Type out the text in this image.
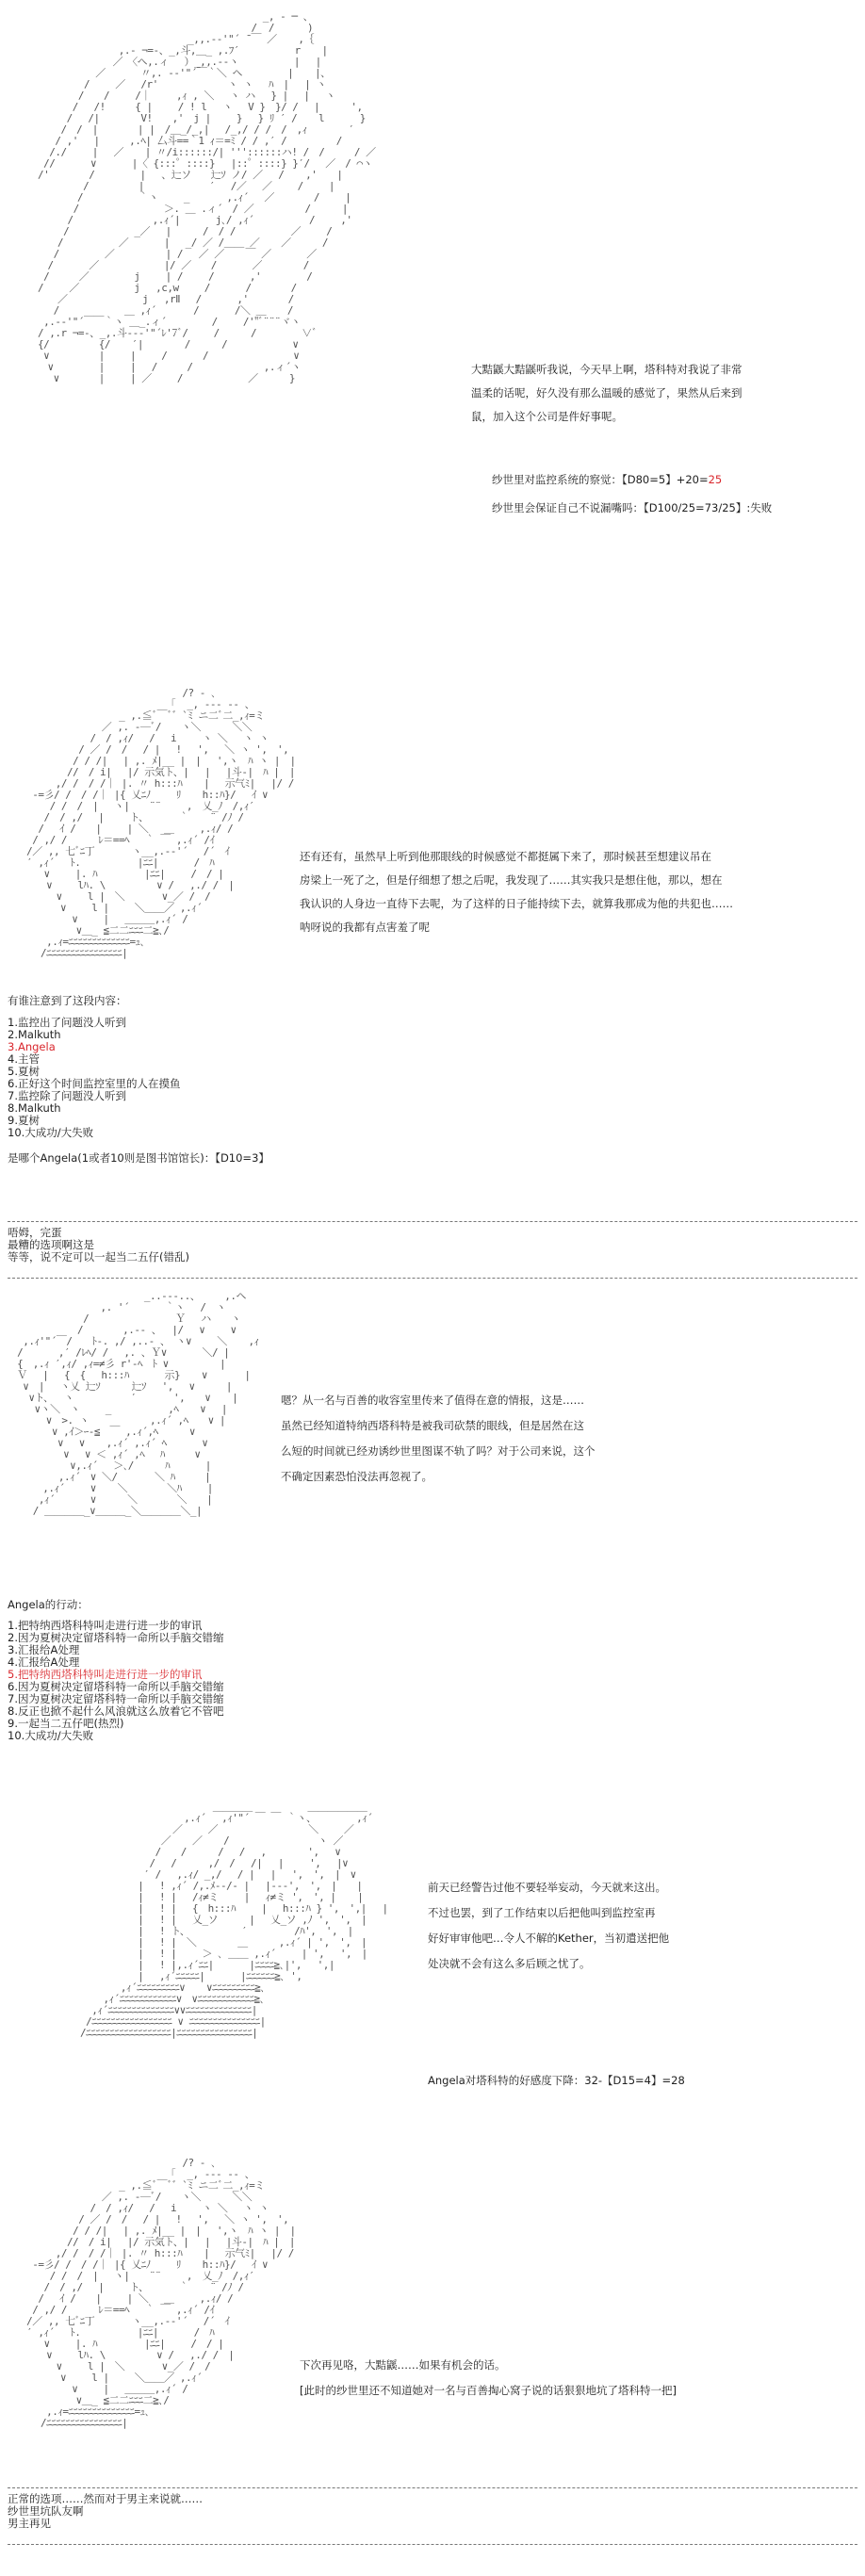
_, ‐ ─ 、
/  / 　   )
_,,.-‐'"´ ̄ ￣ ／ 　 ,｛
,.- ¬=-、_,斗,＿_ ,.ﾌ′　　　　　 r 　 |
／　〈ヘ,.ィ　 ）_,,.--ヽ　　　　　 |　 |
／　　　 〃,. -‐'"´￣｀＼ ヘ　　 　　| 　 |、
/　　 ／　 /r'　　　　　　　ヽ ヽ　 ﾊ　|　 | ヽ
/　　/　　 /｜　　 ,ｨ , ＼　 ヽ ハ　 } |　 | 　ヽ
/　 /!　　　{ |　　 / ! l　 ヽ　 V }　}/ /　 |　 　 ',
/　 /|　　 　 V!　　,'　j |　　 }　 } ﾘ ′ / 　 l　　　 }
/　/　|　　　　| |　/＿_/_,|　 /_,/ / /　/　,ｨ　　 　 ′
/ ,'　 |　　　,.ﾍ| 厶斗==｀1 ｨ＝=ﾐ / / ,′ /　　　　　/
/./　　 |　 ／ 　 | 〃/i::::::/| '''::::::ハ! /　/　　　/ ／
//　　　 ∨　　　 |〈 {:::゜::::}　 |::゜::::} }′/　 ／　/ ⌒ヽ
/'　　　　/　　　　 | 　、辷ソ　　辷ｿ ノ/ ／ 　/ 　 ,'　　|
　　　　 /　　　　　|　　　　　　 ′ 　/／　 ／　　 /　　 |
　　　　/　　　　　 ｀ヽ　　 _ 　 　 ,.ｨ´　 ／　　　　/　　 |
　　　 /　　　　　　　　 ＞. ＿ .ィ´　/ ／ 　　　 　/ 　　 |
　　　/　　　　　　　　,.ｨ´|　　　 j､/ ,ｨ´　　　　 　/　　 ,'
　　 /　　　　　　 _／　 |　 　 /　/ /　　　　　 ／ 　　/
　　/　　　　　 ／ 　　　|　 _/ ／ /＿＿ ／ 　 ／ 　　 /
　 /　　　　 ／ 　　　　 | /　 ／ ／ 　 ￣ ／ 　　　／
　/　　　 ／　　　　　　 |/ ／　　/ 　　　／ 　　　 /
/　　　／　　　　 j　　 | /　　 /　　　 ,'　　　　 /
/　　 ／　　　　　 j　 ,c,w　　 /　　　 /　　　　/
　　／　　　　　　　 j　 ,rⅡ　 /　　　 ,'　　　　/
　 /　　　　　　 ＿ ,ｨ´ 　 　 /　　　 /＼ ＿ 　 /
,.-‐'"´￣￣｀ヽ ＿_.ィ´　　　　 /　　 /'"ﾞ¨¨¨ヾヽ
/ ,.r ¬=-、_,.斗--‐'"´ﾚ'7ﾞ/ 　　/ 　　 /　　　　 ∨ﾞ
{/　　　　　{/ 　 ′|　　 　 / 　　 /　　 　　　　∨
∨　　　　　|　　 |　　 /　　　 /　　　　　　　　 ∨
　∨ 　　　　|　　 |　 /　　　/ 　　　　　　 ,.ィ´ヽ
　 ∨　　　　|　　 | ／　　 /　　　　　　 ／ 　　 }
大黠鼷大黠鼷听我说，今天早上啊，塔科特对我说了非常
温柔的话呢，好久没有那么温暖的感觉了，果然从后来到
鼠，加入这个公司是件好事呢。
纱世里对监控系统的察觉：【D80=5】+20=25
纱世里会保证自己不说漏嘴吗：【D100/25=73/25】:失败
/? - ､
｢  _, -‐‐ ‐- 、
_ ,.≦ﾞ￣ﾞ゛`ﾐ ニ二ﾞ二_,ｨ=ミ
／ ,. -─ﾞ/　　ヽ＼　 　 ＼＼
/　/ ,ｨ/　 /　 i　　 ヽ ＼　 ヽ ヽ
/ ／ /　/ 　/ |　 !　 ',　 ＼ ヽ ',　',
/ / /|　 | ,. ﾒ|__ |　|　 ',ヽ　ﾊ ヽ |　|
//　/ i|　 |/ 示気ト、| 　|　 |斗-|　ﾊ |　|
,/ /　/ /｜ |. 〃 h:::ﾊ 　 |　 示气ﾐ|　 |/ /
-=彡/ /　/ /｜ |{ 乂ﾆﾉ　 　ﾘ 　 h::ﾊ}/　 ｲ ∨
/ /　/　|　 ヽ|　　¨¨　　 ,　乂_ﾉ　/,ｨ′
/　/ ,/　 |　　 ト、　　　 ｀ 　 ¨ /ﾉ /
/　 ｲ /　　|　　 | ＼　 ＿　　 ,.ｨ/ /
/ ,/ /　 　 ﾚ＝==ﾍ　 ｀ ￣ ,.ｨ´ /ｲ
/／ ,, 七ﾞﾆ丁 　 　 ヽ__,.-‐'´　 /´　ｲ
′ ,ｨ´　 ﾄ. 　 　 　　|ﾆﾆ|　　　 /　ﾊ
∨　　 |. ﾊ　 　 　 |ﾆﾆ|　　 /　/ |
　　 ∨　　 lﾊ. \　　　 　 ∨ /　 ,./ /　|
　　　 ∨　　 l |　＼ 　 　 ∨_／ /　/
　　　　∨　　 l |　　 ＼＿＿／ ,.ｨ´
　　　　 ∨　　 |　 ＿＿＿,.ｨ´ /
　　　　　 ∨＿_ ≦二二ﾆﾆﾆ二≧､/
　　 ,.ｨ=ﾆﾆﾆﾆﾆﾆﾆﾆﾆﾆﾆﾆﾆ=ｭ､
　　/ﾆﾆﾆﾆﾆﾆﾆﾆﾆﾆﾆﾆﾆﾆﾆﾆ|
还有还有，虽然早上听到他那眼线的时候感觉不都挺属下来了，那时候甚至想建议吊在
房梁上一死了之，但是仔细想了想之后呢，我发现了……其实我只是想住他，那以，想在
我认识的人身边一直待下去呢，为了这样的日子能持续下去，就算我那成为他的共犯也……
呐呀说的我都有点害羞了呢
有谁注意到了这段内容：
1.监控出了问题没人听到
2.Malkuth
3.Angela
4.主管
5.夏树
6.正好这个时间监控室里的人在摸鱼
7.监控除了问题没人听到
8.Malkuth
9.夏树
10.大成功/大失败
是哪个Angela(1或者10则是图书馆馆长)：【D10=3】
唔姆，完蛋
最糟的选项啊这是
等等，说不定可以一起当二五仔(错乱)
_..-‐‐..、　　　,.ヘ
　　 ,. '´　　　 ｀ヽ　 /　ヽ
　　 /　　　　 　 　 　Ｙ　 ハ　　ヽ
　　 /　　　　,.-‐ 、　 |/　 ∨　　 ∨
,.ｨ'"´￣/　　ﾄ-. ,/ ,..- 、 ヽ∨　　 ＼ 　 ,ｨ
/　　　 ,′ /ﾚﾍ/ /　 ,. 、Ｙ∨　　　 ＼/ |
{　,.ｨ ′,ｨ/ ,ｨ=≠彡 r'-ﾍ　ﾄ ∨　　 　　 |
Ｖ　 |　 {　{　 h:::ﾊ　　　 示} 　 ∨ 　 　 |
∨　|　 ヽ乂 辷ｿ　 　 辷ｿ　 ',　 ∨ 　　 |
∨ト、　 ヽ　　 　 　 ′ 　 　 ',　　∨ 　 |
∨ヽ＼　ヽ　　 _ 　 　　　 ,ﾍ 　 ∨　 |
∨　>. ヽ　　　　 　 ,.ｨ´ ,ﾍ　　∨ |
∨ ,ｲ＞ｰ-≦　￣ ,.ｨ´,ﾍ 　　 ∨
∨　 ∨ 　 ,.ｨ´ ,.ｨ´ ﾍ　　　 ∨
∨　 ∨ ＜ ,ｨ´ ,ﾍ　 ﾊ　　　∨
　　　 ∨,.ｨ´　 ＞､/ 　　 ﾊ　　　 |
　　　 ,.ｨ´　∨ ＼/ 　 　 ＼ ﾊ　　　|
　　,.ｨ´ 　　∨ 　 ＼　　　　＼ﾊ　　 |
　 ,ｨ´ 　　　∨ 　　 ＼　　　　＼　　|
　/ ＿＿＿＿_∨＿＿＿_＼＿＿＿＿＼_|
嗯？从一名与百善的收容室里传来了值得在意的情报，这是……
虽然已经知道特纳西塔科特是被我司砍禁的眼线，但是居然在这
么短的时间就已经劝诱纱世里图谋不轨了吗？对于公司来说，这个
不确定因素恐怕没法再忽视了。
Angela的行动：
1.把特纳西塔科特叫走进行进一步的审讯
2.因为夏树决定留塔科特一命所以手脑交错缩
3.汇报给A处理
4.汇报给A处理
5.把特纳西塔科特叫走进行进一步的审讯
6.因为夏树决定留塔科特一命所以手脑交错缩
7.因为夏树决定留塔科特一命所以手脑交错缩
8.反正也掀不起什么风浪就这么放着它不管吧
9.一起当二五仔吧(热烈)
10.大成功/大失败
＿＿＿＿　　　　　 ＿＿＿＿＿＿
,.ｨ´　 ,ｨ'"´ ￣ ￣ ｀ヽ、　　　　 ,ｨ´
／　　 ／　　　　　　　 　 ＼　　 ／
／ 　 ／ 　 /　　 　 　 　 　 ヽ ／
/　　/ 　　 /　 /　 ,　　 　 ',　 ∨
/　 /　 　 ,/　/ 　/|　 |　　 ',　 |∨
′ /　 ,.ｨ/ _,/ 　/ |　 |　 ',　',　|　∨
|　 ! ,ｨ´ /,.ﾒ-‐/- |　 |-‐-',　',　|　　|
|　 ! |　 /ｨ≠ミ　 　|　 ｨ≠ミ ',　', | 　 |
|　 ! |　 {　h:::ﾊ　　 |　 h:::ﾊ } ',　',|　 |
|　 ! |　 乂_ソ　 　 |　 乂_ソ ,ﾉ ',　',　|
|　 ! ト、　　 　 　 ′　 　 　 /ﾊ',　',　|
|　 ! |　＼　　 　 ＿ 　　 ,.ｨ´ | ',　',　|
|　 ! |　　 ＞ ､ ＿＿ ,.ｨ´　 　| ',　 ',　|
|　 ! |,.ｨ´ﾆﾆ|　　　 |ﾆﾆﾆﾆ≧､|',　 ',|
|　 ,ｨ´ﾆﾆﾆﾆﾆ|　　　 |ﾆﾆﾆﾆﾆﾆ≧､ ',
,ｨ´ﾆﾆﾆﾆﾆﾆﾆﾆﾆ∨ 　 ∨ﾆﾆﾆﾆﾆﾆﾆﾆﾆ≧､
,ｨ´ﾆﾆﾆﾆﾆﾆﾆﾆﾆﾆﾆﾆ∨　∨ﾆﾆﾆﾆﾆﾆﾆﾆﾆﾆﾆﾆ≧､
,ｨ´ﾆﾆﾆﾆﾆﾆﾆﾆﾆﾆﾆﾆﾆﾆ∨∨ﾆﾆﾆﾆﾆﾆﾆﾆﾆﾆﾆﾆﾆﾆ|
/ﾆﾆﾆﾆﾆﾆﾆﾆﾆﾆﾆﾆﾆﾆﾆﾆﾆ ∨ ﾆﾆﾆﾆﾆﾆﾆﾆﾆﾆﾆﾆﾆﾆﾆ|
/ﾆﾆﾆﾆﾆﾆﾆﾆﾆﾆﾆﾆﾆﾆﾆﾆﾆﾆ|ﾆﾆﾆﾆﾆﾆﾆﾆﾆﾆﾆﾆﾆﾆﾆﾆ|
前天已经警告过他不要轻举妄动，今天就来这出。
不过也罢，到了工作结束以后把他叫到监控室再
好好审审他吧…令人不解的Kether，当初遣送把他
处决就不会有这么多后顾之忧了。
Angela对塔科特的好感度下降：32-【D15=4】=28
/? - ､
｢  _, -‐‐ ‐- 、
_ ,.≦ﾞ￣ﾞ゛`ﾐ ニ二ﾞ二_,ｨ=ミ
／ ,. -─ﾞ/　　ヽ＼　 　 ＼＼
/　/ ,ｨ/　 /　 i　　 ヽ ＼　 ヽ ヽ
/ ／ /　/ 　/ |　 !　 ',　 ＼ ヽ ',　',
/ / /|　 | ,. ﾒ|__ |　|　 ',ヽ　ﾊ ヽ |　|
//　/ i|　 |/ 示気ト、| 　|　 |斗-|　ﾊ |　|
,/ /　/ /｜ |. 〃 h:::ﾊ 　 |　 示气ﾐ|　 |/ /
-=彡/ /　/ /｜ |{ 乂ﾆﾉ　 　ﾘ 　 h::ﾊ}/　 ｲ ∨
/ /　/　|　 ヽ|　　¨¨　　 ,　乂_ﾉ　/,ｨ′
/　/ ,/　 |　　 ト、　　　 ｀ 　 ¨ /ﾉ /
/　 ｲ /　　|　　 | ＼　 ＿　　 ,.ｨ/ /
/ ,/ /　 　 ﾚ＝==ﾍ　 ｀ ￣ ,.ｨ´ /ｲ
/／ ,, 七ﾞﾆ丁 　 　 ヽ__,.-‐'´　 /´　ｲ
′ ,ｨ´　 ﾄ. 　 　 　　|ﾆﾆ|　　　 /　ﾊ
∨　　 |. ﾊ　 　 　 |ﾆﾆ|　　 /　/ |
　　 ∨　　 lﾊ. \　　　 　 ∨ /　 ,./ /　|
　　　 ∨　　 l |　＼ 　 　 ∨_／ /　/
　　　　∨　　 l |　　 ＼＿＿／ ,.ｨ´
　　　　 ∨　　 |　 ＿＿＿,.ｨ´ /
　　　　　 ∨＿_ ≦二二ﾆﾆﾆ二≧､/
　　 ,.ｨ=ﾆﾆﾆﾆﾆﾆﾆﾆﾆﾆﾆﾆﾆﾆ=ｭ､
　　/ﾆﾆﾆﾆﾆﾆﾆﾆﾆﾆﾆﾆﾆﾆﾆﾆ|
下次再见咯，大黠鼷……如果有机会的话。
[此时的纱世里还不知道她对一名与百善掏心窝子说的话狠狠地坑了塔科特一把]
正常的选项……然而对于男主来说就……
纱世里坑队友啊
男主再见
